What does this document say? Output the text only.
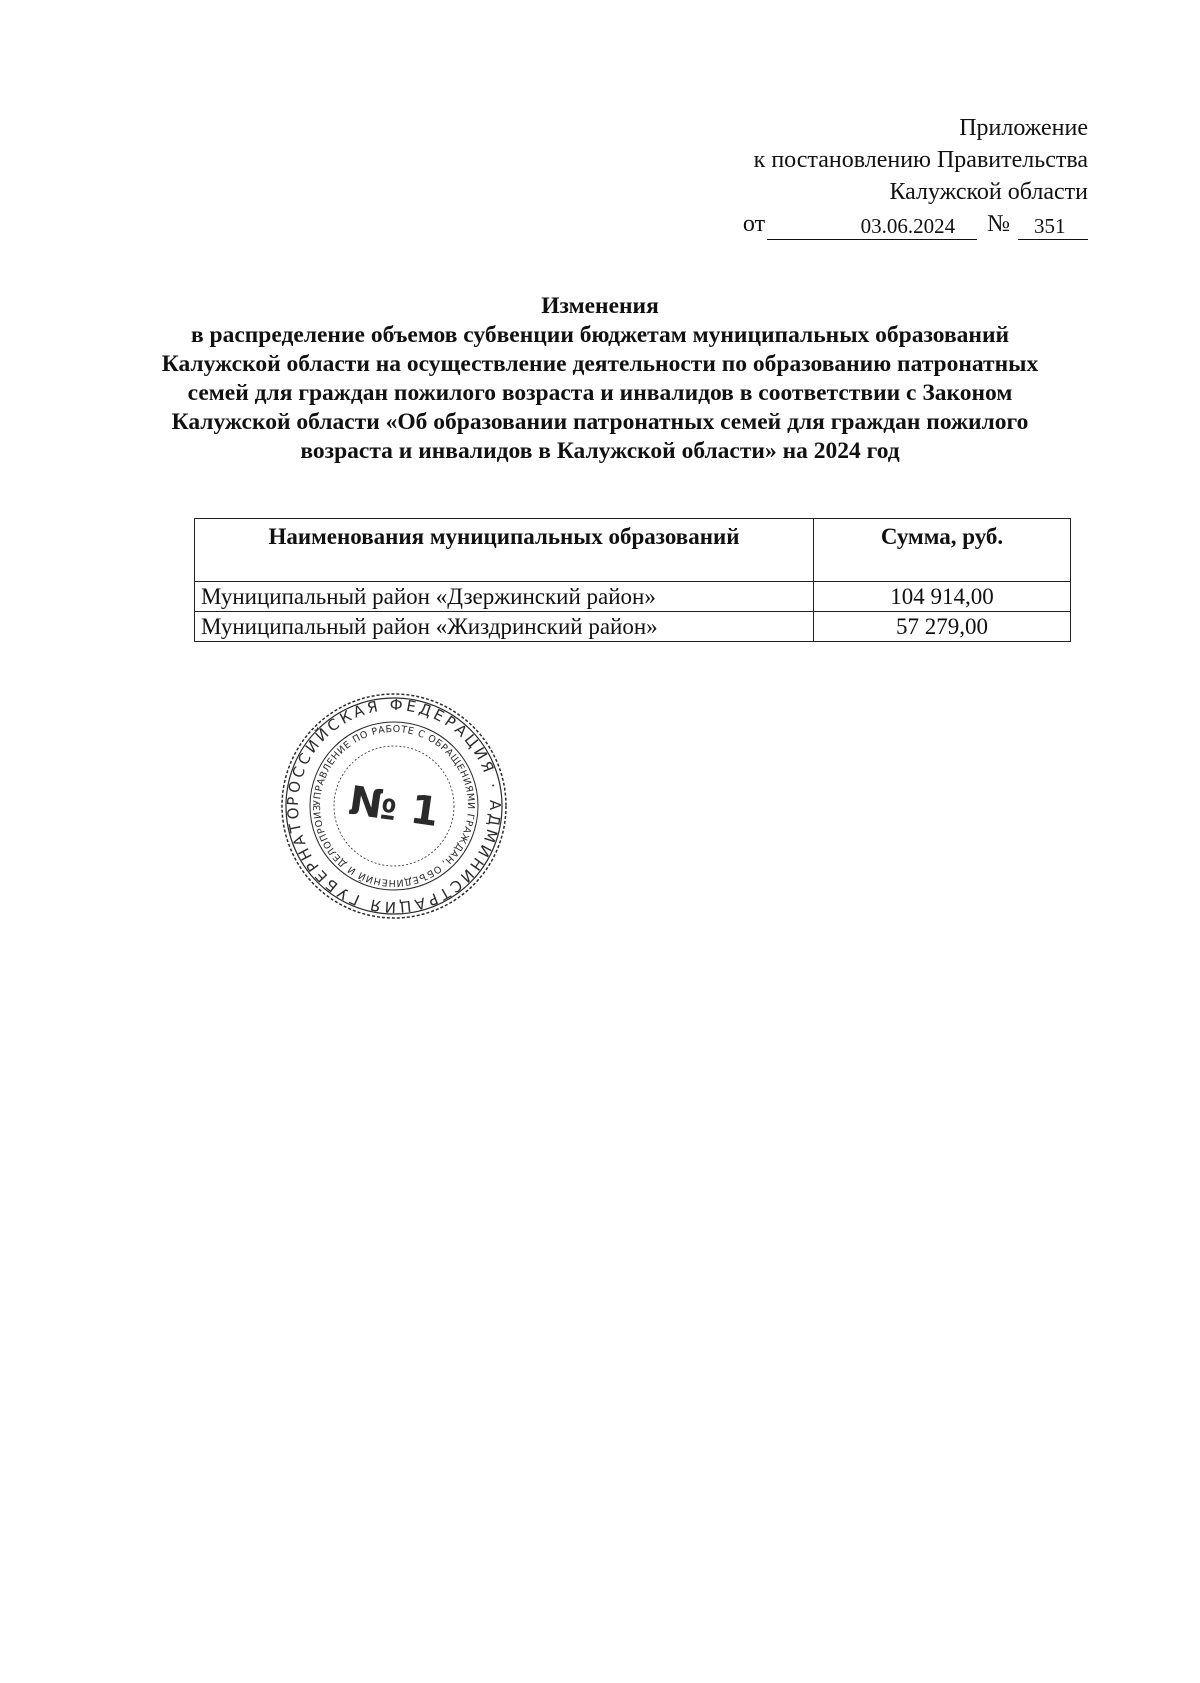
Приложение
к постановлению Правительства
Калужской области
от	03.06.2024	№	351
Изменения
в распределение объемов субвенции бюджетам муниципальных образований
Калужской области на осуществление деятельности по образованию патронатных
семей для граждан пожилого возраста и инвалидов в соответствии с Законом
Калужской области «Об образовании патронатных семей для граждан пожилого
возраста и инвалидов в Калужской области» на 2024 год
Наименования муниципальных образований	Сумма, руб.
Муниципальный район «Дзержинский район»	104 914,00
Муниципальный район «Жиздринский район»	57 279,00
РОССИЙСКАЯ ФЕДЕРАЦИЯ · АДМИНИСТРАЦИЯ ГУБЕРНАТО
УПРАВЛЕНИЕ ПО РАБОТЕ С ОБРАЩЕНИЯМИ ГРАЖДАН, ОБЪЕДИНЕНИЙ И ДЕЛОПРОИЗ № 1
